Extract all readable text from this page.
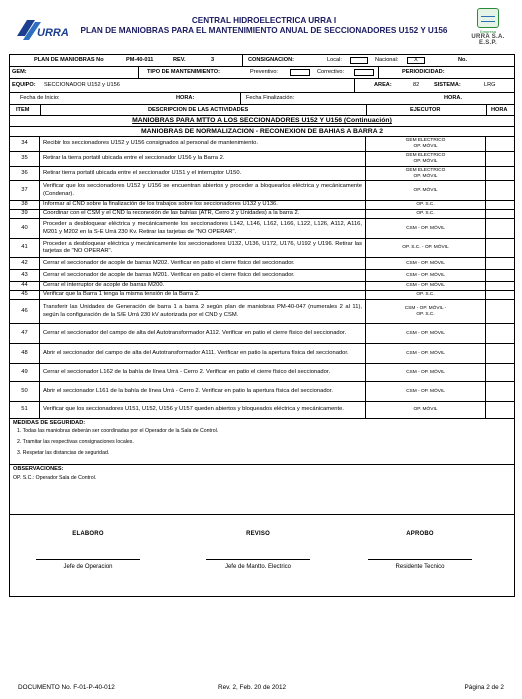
URRA
CENTRAL HIDROELECTRICA URRA I
PLAN DE MANIOBRAS PARA EL MANTENIMIENTO ANUAL DE SECCIONADORES U152 Y U156	Empresa
URRA S.A. E.S.P.
PLAN DE MANIOBRAS No	PM-40-011	REV.	3	CONSIGNACION:	Local:	Nacional:	X	No.
GEM:	TIPO DE MANTENIMIENTO:	Preventivo:	Correctivo:	PERIODICIDAD:
EQUIPO: SECCIONADOR U152 y U156	AREA:	82	SISTEMA:	LRG
Fecha de Inicio:	HORA:	Fecha Finalización:	HORA.
ITEM	DESCRIPCION DE LAS ACTIVIDADES	EJECUTOR	HORA
MANIOBRAS PARA MTTO A LOS SECCIONADORES U152 Y U156 (Continuación)
MANIOBRAS DE NORMALIZACION - RECONEXION DE BAHIAS A BARRA 2
34	Recibir los seccionadores U152 y U156 consignados al personal de mantenimiento.	GEM ELECTRICO
OP. MÓVIL
35	Retirar la tierra portatil ubicada entre el seccionador U156 y la Barra 2.	GEM ELECTRICO
OP. MÓVIL
36	Retirar tierra portatil ubicada entre el seccionador U151 y el interruptor U150.	GEM ELECTRICO
OP. MÓVIL
37

Verificar que los seccionadores U152 y U156 se encuentran abiertos y proceder a bloquearlos eléctrica y mecánicamente (Condenar).

OP. MÓVIL
38	Informar al CND sobre la finalización de los trabajos sobre los seccionadores U132 y U136.	OP. S.C.
39	Coordinar con el CSM y el CND la reconexión de las bahías (ATR, Cerro 2 y Unidades) a la barra 2.	OP. S.C.
40

Proceder a desbloquear eléctrica y mecánicamente los seccionadores L142, L146, L162, L166, L122, L126, A112, A116, M201 y M202 en la S-E Urrá 230 Kv. Retirar las tarjetas de "NO OPERAR".

CSM - OP. MÓVIL
41

Proceder a desbloquear eléctrica y mecánicamente los seccionadores U132, U136, U172, U176, U192 y U196. Retirar las tarjetas de "NO OPERAR".

OP. S.C. - OP. MÓVIL
42	Cerrar el seccionador de acople de barras M202. Verificar en patio el cierre físico del seccionador.	CSM - OP. MÓVIL
43	Cerrar el seccionador de acople de barras M201. Verificar en patio el cierre físico del seccionador.	CSM - OP. MÓVIL
44	Cerrar el interruptor de acople de barras M200.	CSM - OP. MÓVIL
45	Verificar que la Barra 1 tenga la misma tensión de la Barra 2.	OP. S.C.
46

Transferir las Unidades de Generación de barra 1 a barra 2 según plan de maniobras PM-40-047 (numerales 2 al 11), según la configuración de la S/E Urrá 230 kV autorizada por el CND y CSM.

CSM - OP. MÓVIL -
OP. S.C.
47	Cerrar el seccionador del campo de alta del Autotransformador A112. Verificar en patio el cierre físico del seccionador.	CSM - OP. MÓVIL
48	Abrir el seccionador del campo de alta del Autotransformador A111. Verificar en patio la apertura física del seccionador.	CSM - OP. MÓVIL
49	Cerrar el seccionador L162 de la bahía de línea Urrá - Cerro 2. Verificar en patio el cierre físico del seccionador.	CSM - OP. MÓVIL
50	Abrir el seccionador L161 de la bahía de línea Urrá - Cerro 2. Verificar en patio la apertura física del seccionador.	CSM - OP. MÓVIL
51	Verificar que los seccionadores U151, U152, U156 y U157 queden abiertos y bloqueados eléctrica y mecánicamente.	OP. MÓVIL
MEDIDAS DE SEGURIDAD:
1. Todas las maniobras deberán ser coordinadas por el Operador de la Sala de Control.
2. Tramitar las respectivas consignaciones locales.
3. Respetar las distancias de seguridad.
OBSERVACIONES:
OP. S.C.: Operador Sala de Control.
ELABORO
Jefe de Operacion
REVISO
Jefe de Mantto. Electrico
APROBO
Residente Tecnico
DOCUMENTO No. F-01-P-40-012	Rev. 2, Feb. 20 de 2012	Página 2 de 2
